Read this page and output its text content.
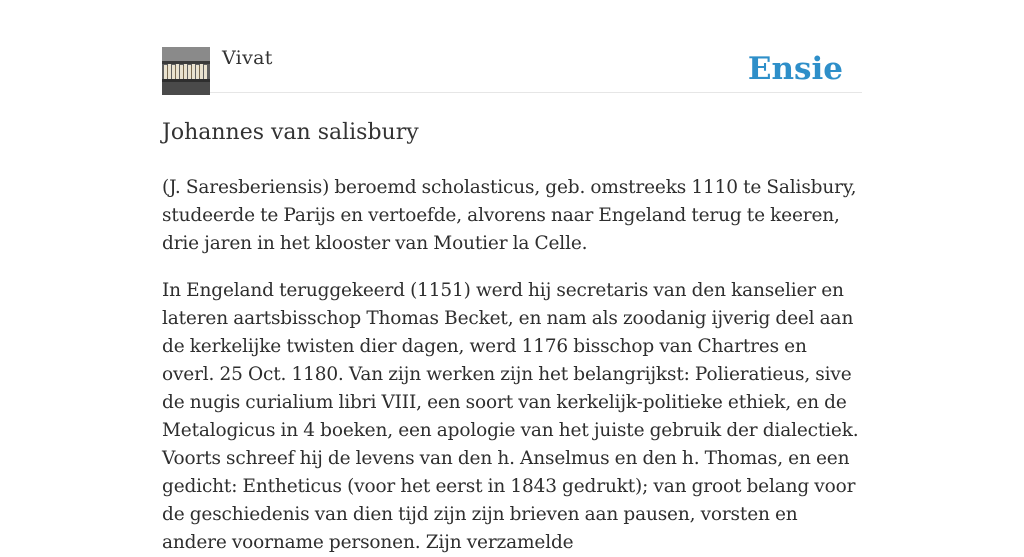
Vivat	Ensie
Johannes van salisbury

(J. Saresberiensis) beroemd scholasticus, geb. omstreeks 1110 te Salisbury, studeerde te Parijs en vertoefde, alvorens naar Engeland terug te keeren, drie jaren in het klooster van Moutier la Celle.

In Engeland teruggekeerd (1151) werd hij secretaris van den kanselier en lateren aartsbisschop Thomas Becket, en nam als zoodanig ijverig deel aan de kerkelijke twisten dier dagen, werd 1176 bisschop van Chartres en overl. 25 Oct. 1180. Van zijn werken zijn het belangrijkst: Polieratieus, sive de nugis curialium libri VIII, een soort van kerkelijk-politieke ethiek, en de Metalogicus in 4 boeken, een apologie van het juiste gebruik der dialectiek. Voorts schreef hij de levens van den h. Anselmus en den h. Thomas, en een gedicht: Entheticus (voor het eerst in 1843 gedrukt); van groot belang voor de geschiedenis van dien tijd zijn zijn brieven aan pausen, vorsten en andere voorname personen. Zijn verzamelde
